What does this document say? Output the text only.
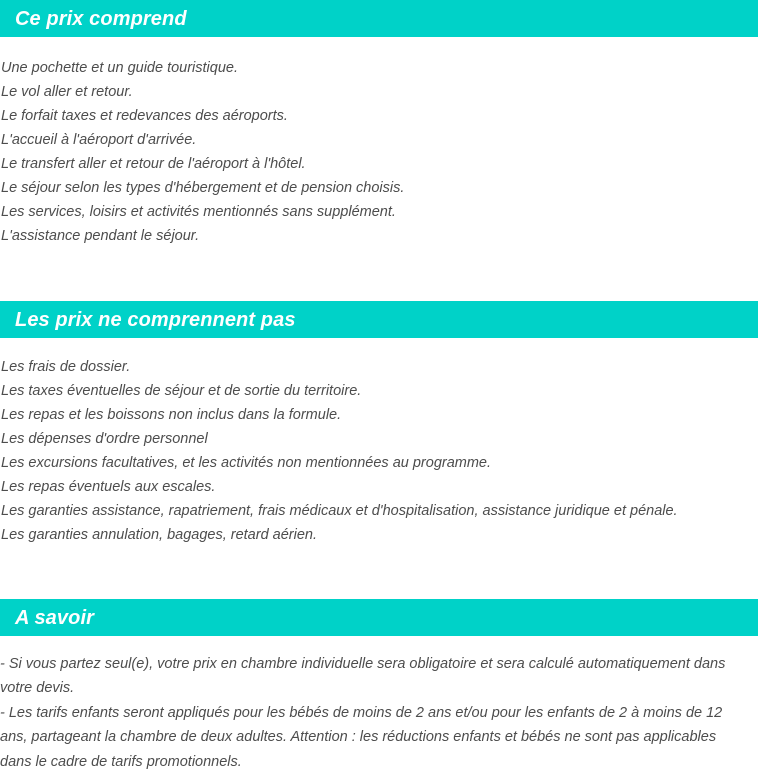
Ce prix comprend
Une pochette et un guide touristique.
Le vol aller et retour.
Le forfait taxes et redevances des aéroports.
L'accueil à l'aéroport d'arrivée.
Le transfert aller et retour de l'aéroport à l'hôtel.
Le séjour selon les types d'hébergement et de pension choisis.
Les services, loisirs et activités mentionnés sans supplément.
L'assistance pendant le séjour.
Les prix ne comprennent pas
Les frais de dossier.
Les taxes éventuelles de séjour et de sortie du territoire.
Les repas et les boissons non inclus dans la formule.
Les dépenses d'ordre personnel
Les excursions facultatives, et les activités non mentionnées au programme.
Les repas éventuels aux escales.
Les garanties assistance, rapatriement, frais médicaux et d'hospitalisation, assistance juridique et pénale.
Les garanties annulation, bagages, retard aérien.
A savoir

- Si vous partez seul(e), votre prix en chambre individuelle sera obligatoire et sera calculé automatiquement dans votre devis.

- Les tarifs enfants seront appliqués pour les bébés de moins de 2 ans et/ou pour les enfants de 2 à moins de 12 ans, partageant la chambre de deux adultes. Attention : les réductions enfants et bébés ne sont pas applicables dans le cadre de tarifs promotionnels.
